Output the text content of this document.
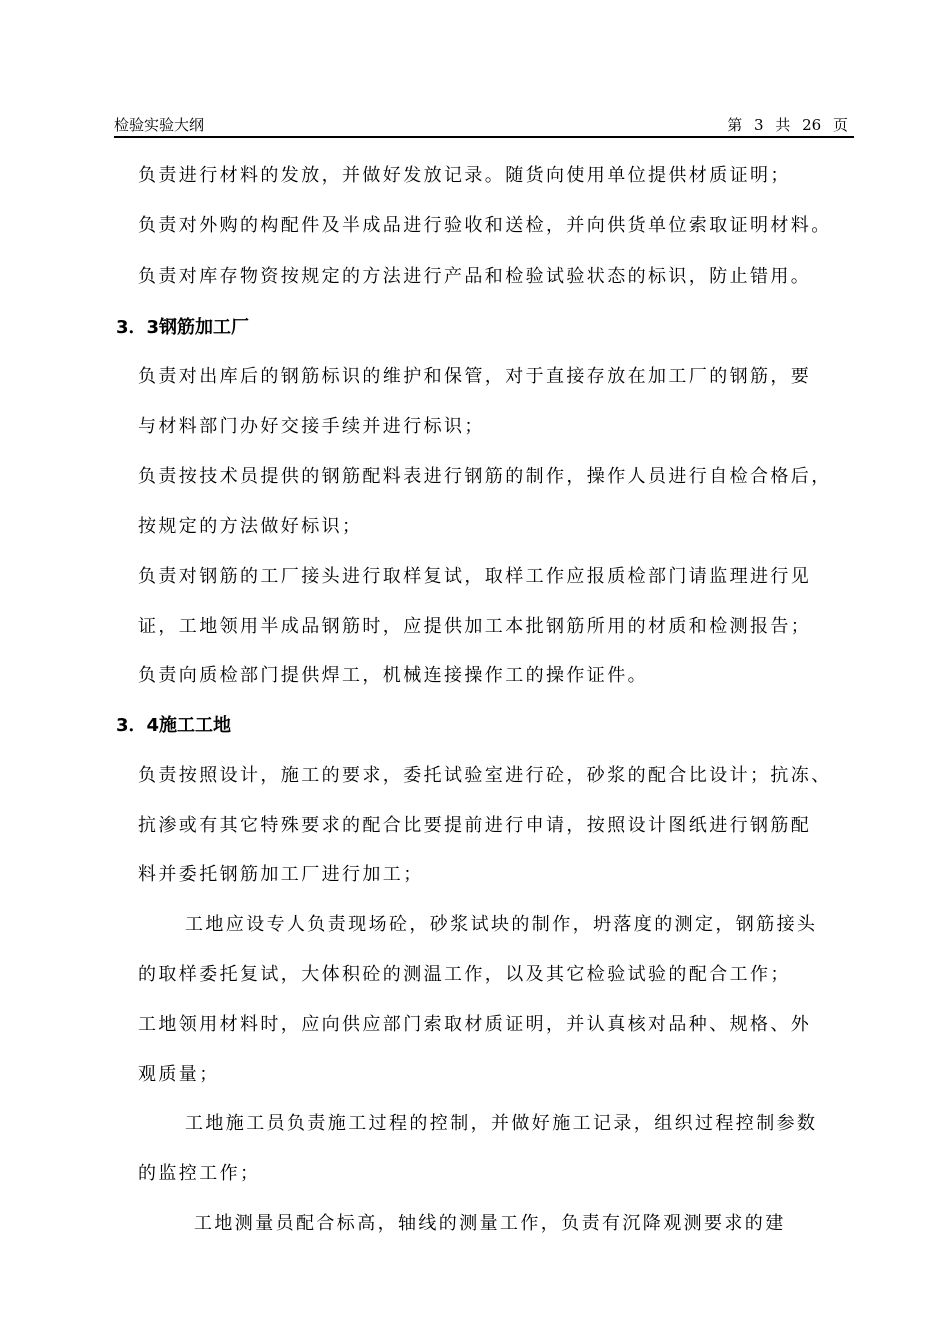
检验实验大纲	第 3 共 26 页
负责进行材料的发放，并做好发放记录。随货向使用单位提供材质证明；
负责对外购的构配件及半成品进行验收和送检，并向供货单位索取证明材料。
负责对库存物资按规定的方法进行产品和检验试验状态的标识，防止错用。
3．3钢筋加工厂
负责对出库后的钢筋标识的维护和保管，对于直接存放在加工厂的钢筋，要
与材料部门办好交接手续并进行标识；
负责按技术员提供的钢筋配料表进行钢筋的制作，操作人员进行自检合格后，
按规定的方法做好标识；
负责对钢筋的工厂接头进行取样复试，取样工作应报质检部门请监理进行见
证，工地领用半成品钢筋时，应提供加工本批钢筋所用的材质和检测报告；
负责向质检部门提供焊工，机械连接操作工的操作证件。
3．4施工工地
负责按照设计，施工的要求，委托试验室进行砼，砂浆的配合比设计；抗冻、
抗渗或有其它特殊要求的配合比要提前进行申请，按照设计图纸进行钢筋配
料并委托钢筋加工厂进行加工；
工地应设专人负责现场砼，砂浆试块的制作，坍落度的测定，钢筋接头
的取样委托复试，大体积砼的测温工作，以及其它检验试验的配合工作；
工地领用材料时，应向供应部门索取材质证明，并认真核对品种、规格、外
观质量；
工地施工员负责施工过程的控制，并做好施工记录，组织过程控制参数
的监控工作；
工地测量员配合标高，轴线的测量工作，负责有沉降观测要求的建
